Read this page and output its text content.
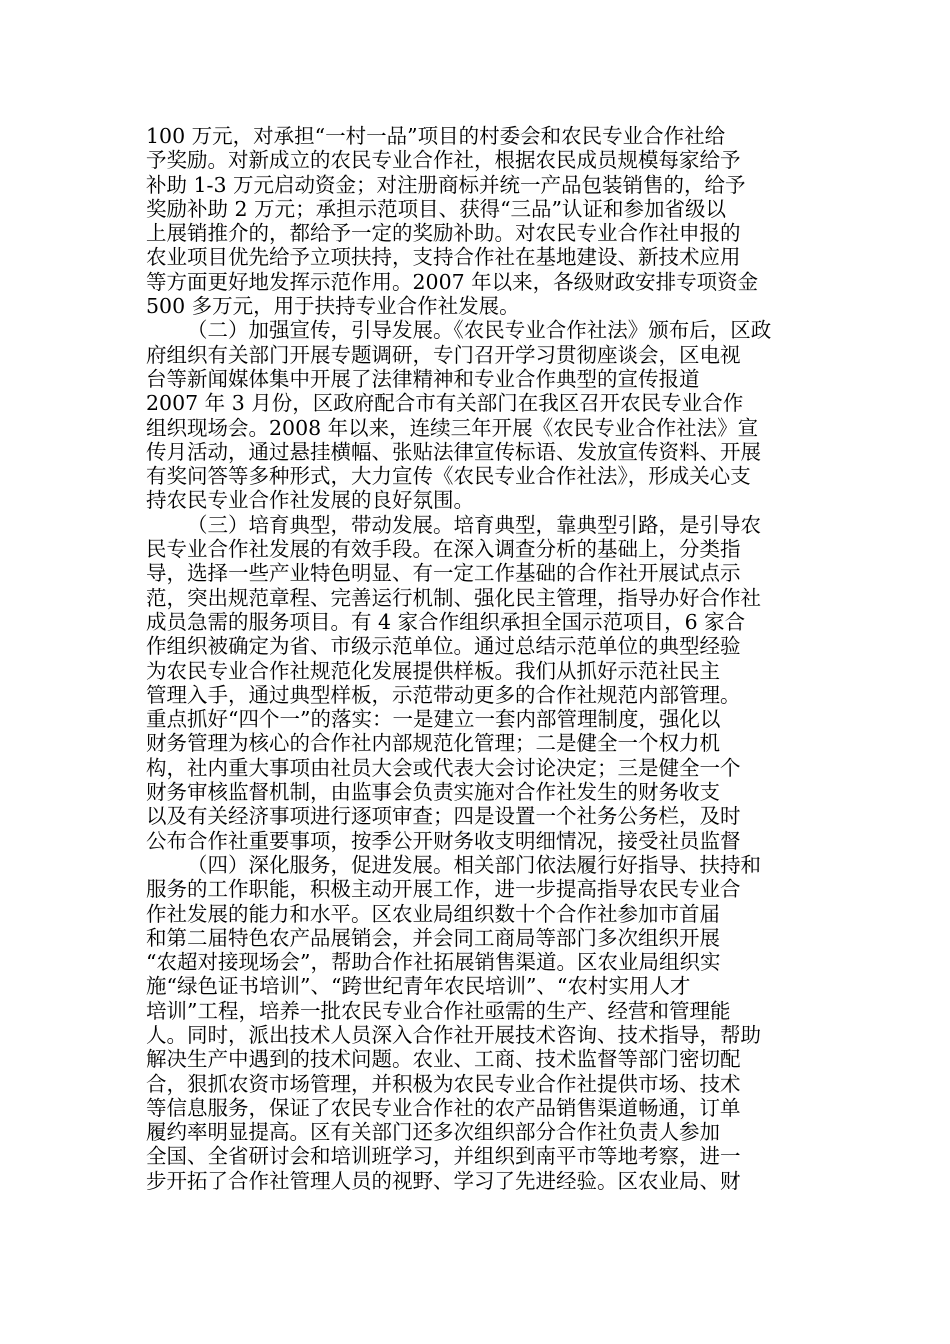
100 万元，对承担“一村一品”项目的村委会和农民专业合作社给
予奖励。对新成立的农民专业合作社，根据农民成员规模每家给予
补助 1-3 万元启动资金；对注册商标并统一产品包装销售的，给予
奖励补助 2 万元；承担示范项目、获得“三品”认证和参加省级以
上展销推介的，都给予一定的奖励补助。对农民专业合作社申报的
农业项目优先给予立项扶持，支持合作社在基地建设、新技术应用
等方面更好地发挥示范作用。2007 年以来，各级财政安排专项资金
500 多万元，用于扶持专业合作社发展。
（二）加强宣传，引导发展。《农民专业合作社法》颁布后，区政
府组织有关部门开展专题调研，专门召开学习贯彻座谈会，区电视
台等新闻媒体集中开展了法律精神和专业合作典型的宣传报道
2007 年 3 月份，区政府配合市有关部门在我区召开农民专业合作
组织现场会。2008 年以来，连续三年开展《农民专业合作社法》宣
传月活动，通过悬挂横幅、张贴法律宣传标语、发放宣传资料、开展
有奖问答等多种形式，大力宣传《农民专业合作社法》，形成关心支
持农民专业合作社发展的良好氛围。
（三）培育典型，带动发展。培育典型，靠典型引路，是引导农
民专业合作社发展的有效手段。在深入调查分析的基础上，分类指
导，选择一些产业特色明显、有一定工作基础的合作社开展试点示
范，突出规范章程、完善运行机制、强化民主管理，指导办好合作社
成员急需的服务项目。有 4 家合作组织承担全国示范项目，6 家合
作组织被确定为省、市级示范单位。通过总结示范单位的典型经验
为农民专业合作社规范化发展提供样板。我们从抓好示范社民主
管理入手，通过典型样板，示范带动更多的合作社规范内部管理。
重点抓好“四个一”的落实：一是建立一套内部管理制度，强化以
财务管理为核心的合作社内部规范化管理；二是健全一个权力机
构，社内重大事项由社员大会或代表大会讨论决定；三是健全一个
财务审核监督机制，由监事会负责实施对合作社发生的财务收支
以及有关经济事项进行逐项审查；四是设置一个社务公务栏，及时
公布合作社重要事项，按季公开财务收支明细情况，接受社员监督
（四）深化服务，促进发展。相关部门依法履行好指导、扶持和
服务的工作职能，积极主动开展工作，进一步提高指导农民专业合
作社发展的能力和水平。区农业局组织数十个合作社参加市首届
和第二届特色农产品展销会，并会同工商局等部门多次组织开展
“农超对接现场会”，帮助合作社拓展销售渠道。区农业局组织实
施“绿色证书培训”、“跨世纪青年农民培训”、“农村实用人才
培训”工程，培养一批农民专业合作社亟需的生产、经营和管理能
人。同时，派出技术人员深入合作社开展技术咨询、技术指导，帮助
解决生产中遇到的技术问题。农业、工商、技术监督等部门密切配
合，狠抓农资市场管理，并积极为农民专业合作社提供市场、技术
等信息服务，保证了农民专业合作社的农产品销售渠道畅通，订单
履约率明显提高。区有关部门还多次组织部分合作社负责人参加
全国、全省研讨会和培训班学习，并组织到南平市等地考察，进一
步开拓了合作社管理人员的视野、学习了先进经验。区农业局、财
